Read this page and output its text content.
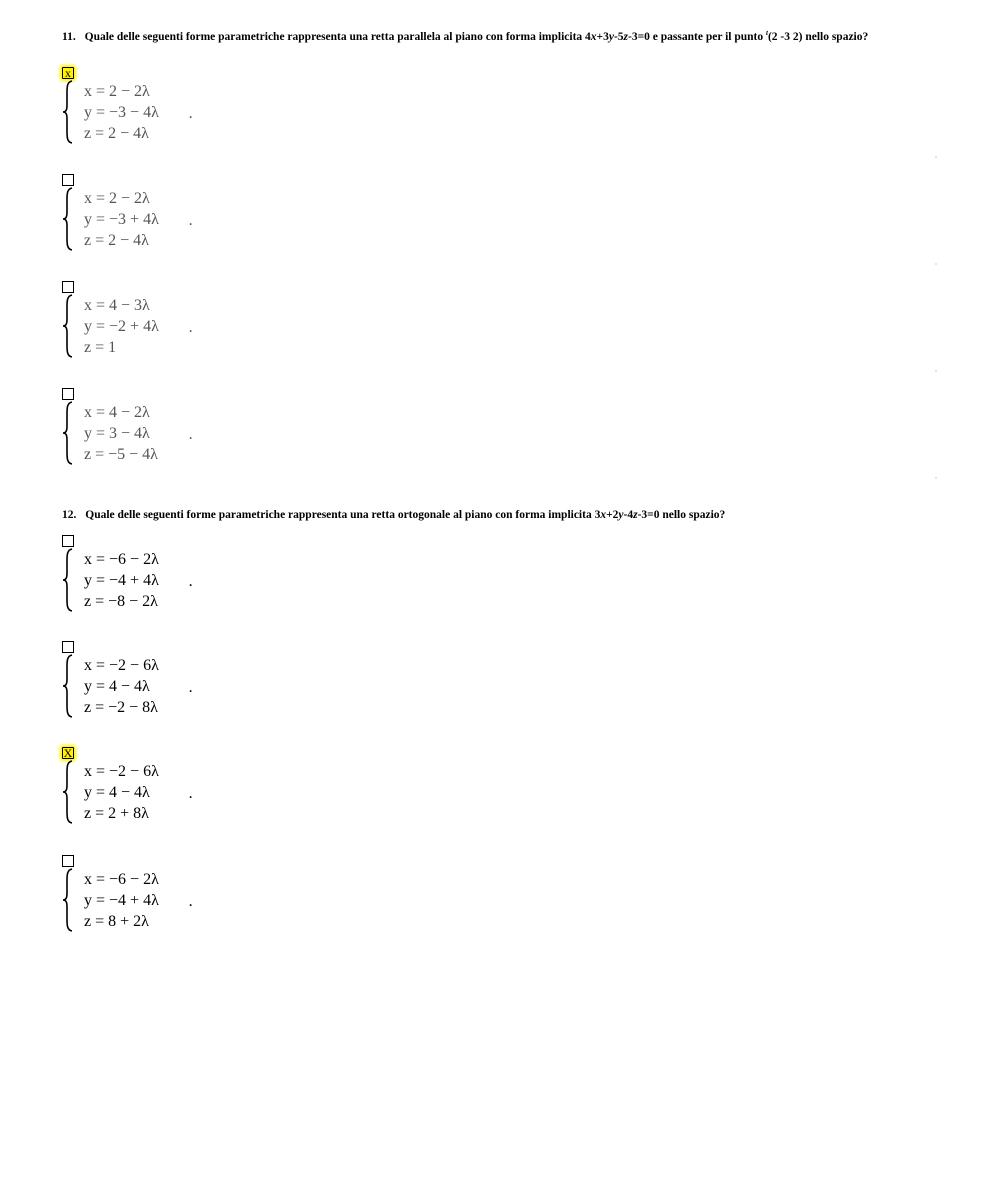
11. Quale delle seguenti forme parametriche rappresenta una retta parallela al piano con forma implicita 4x+3y-5z-3=0 e passante per il punto $^t$(2 -3 2) nello spazio?
x
x = 2 − 2λ
y = −3 − 4λ
z = 2 − 4λ
.
x = 2 − 2λ
y = −3 + 4λ
z = 2 − 4λ
.
x = 4 − 3λ
y = −2 + 4λ
z = 1
.
x = 4 − 2λ
y = 3 − 4λ
z = −5 − 4λ
.
12. Quale delle seguenti forme parametriche rappresenta una retta ortogonale al piano con forma implicita 3x+2y-4z-3=0 nello spazio?
x = −6 − 2λ
y = −4 + 4λ
z = −8 − 2λ
.
x = −2 − 6λ
y = 4 − 4λ
z = −2 − 8λ
.
X
x = −2 − 6λ
y = 4 − 4λ
z = 2 + 8λ
.
x = −6 − 2λ
y = −4 + 4λ
z = 8 + 2λ
.
